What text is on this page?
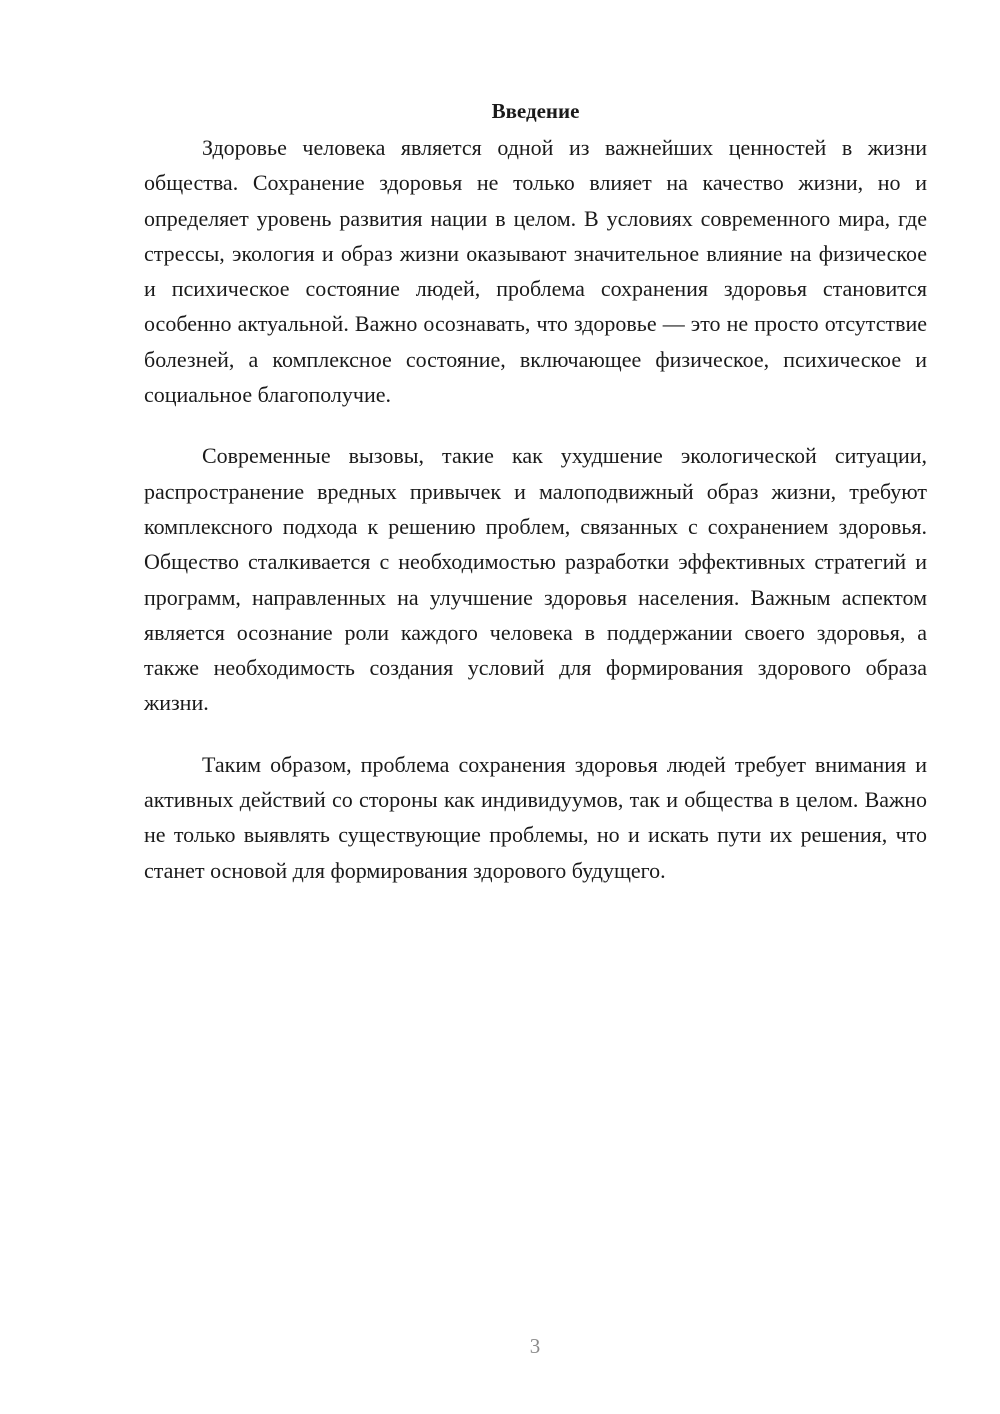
Введение

Здоровье человека является одной из важнейших ценностей в жизни общества. Сохранение здоровья не только влияет на качество жизни, но и определяет уровень развития нации в целом. В условиях современного мира, где стрессы, экология и образ жизни оказывают значительное влияние на физическое и психическое состояние людей, проблема сохранения здоровья становится особенно актуальной. Важно осознавать, что здоровье — это не просто отсутствие болезней, а комплексное состояние, включающее физическое, психическое и социальное благополучие.

Современные вызовы, такие как ухудшение экологической ситуации, распространение вредных привычек и малоподвижный образ жизни, требуют комплексного подхода к решению проблем, связанных с сохранением здоровья. Общество сталкивается с необходимостью разработки эффективных стратегий и программ, направленных на улучшение здоровья населения. Важным аспектом является осознание роли каждого человека в поддержании своего здоровья, а также необходимость создания условий для формирования здорового образа жизни.

Таким образом, проблема сохранения здоровья людей требует внимания и активных действий со стороны как индивидуумов, так и общества в целом. Важно не только выявлять существующие проблемы, но и искать пути их решения, что станет основой для формирования здорового будущего.

3
